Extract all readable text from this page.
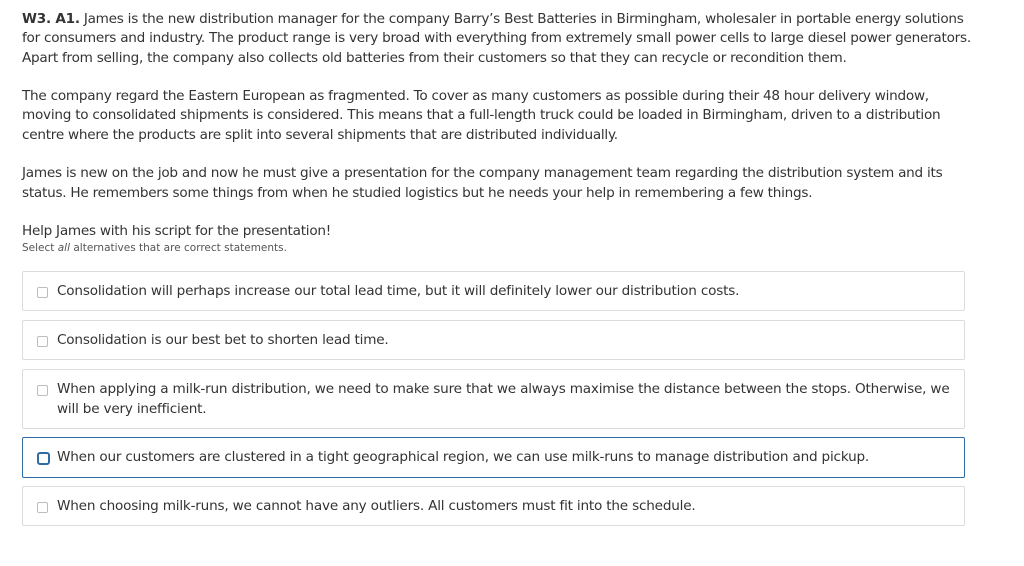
W3. A1. James is the new distribution manager for the company Barry’s Best Batteries in Birmingham, wholesaler in portable energy solutions for consumers and industry. The product range is very broad with everything from extremely small power cells to large diesel power generators. Apart from selling, the company also collects old batteries from their customers so that they can recycle or recondition them.

The company regard the Eastern European as fragmented. To cover as many customers as possible during their 48 hour delivery window, moving to consolidated shipments is considered. This means that a full-length truck could be loaded in Birmingham, driven to a distribution centre where the products are split into several shipments that are distributed individually.

James is new on the job and now he must give a presentation for the company management team regarding the distribution system and its status. He remembers some things from when he studied logistics but he needs your help in remembering a few things.

Help James with his script for the presentation!
Select all alternatives that are correct statements.
Consolidation will perhaps increase our total lead time, but it will definitely lower our distribution costs.
Consolidation is our best bet to shorten lead time.
When applying a milk-run distribution, we need to make sure that we always maximise the distance between the stops. Otherwise, we will be very inefficient.
When our customers are clustered in a tight geographical region, we can use milk-runs to manage distribution and pickup.
When choosing milk-runs, we cannot have any outliers. All customers must fit into the schedule.
